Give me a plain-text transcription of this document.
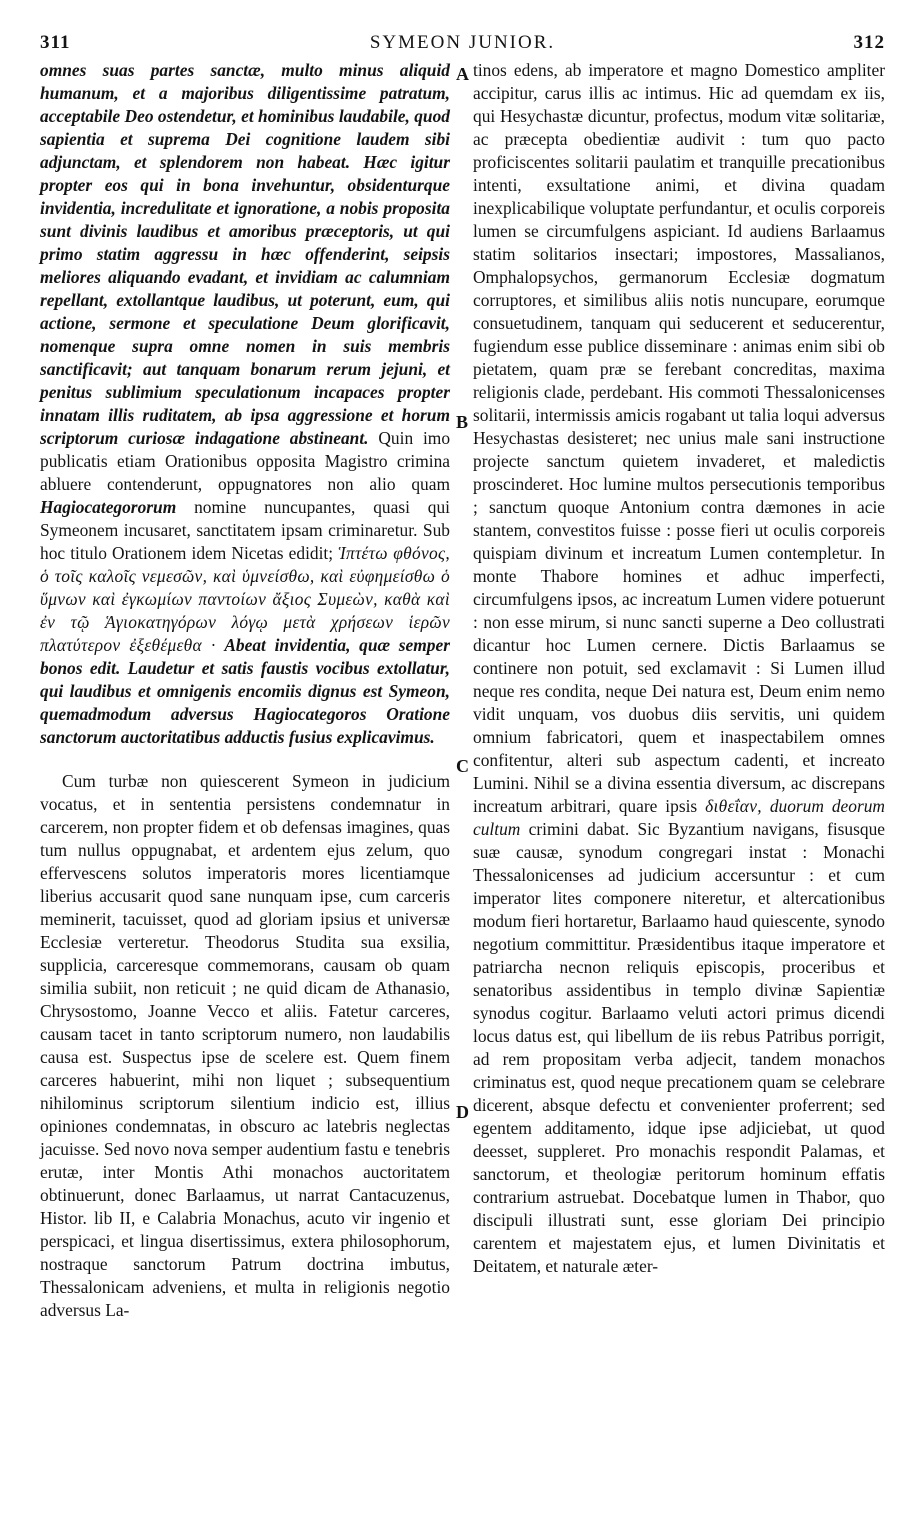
311	SYMEON JUNIOR.	312
A
B
C
D

omnes suas partes sanctæ, multo minus aliquid humanum, et a majoribus diligentissime patratum, acceptabile Deo ostendetur, et hominibus laudabile, quod sapientia et suprema Dei cognitione laudem sibi adjunctam, et splendorem non habeat. Hæc igitur propter eos qui in bona invehuntur, obsidenturque invidentia, incredulitate et ignoratione, a nobis proposita sunt divinis laudibus et amoribus præceptoris, ut qui primo statim aggressu in hæc offenderint, seipsis meliores aliquando evadant, et invidiam ac calumniam repellant, extollantque laudibus, ut poterunt, eum, qui actione, sermone et speculatione Deum glorificavit, nomenque supra omne nomen in suis membris sanctificavit; aut tanquam bonarum rerum jejuni, et penitus sublimium speculationum incapaces propter innatam illis ruditatem, ab ipsa aggressione et horum scriptorum curiosæ indagatione abstineant. Quin imo publicatis etiam Orationibus opposita Magistro crimina abluere contenderunt, oppugnatores non alio quam Hagiocategororum nomine nuncupantes, quasi qui Symeonem incusaret, sanctitatem ipsam criminaretur. Sub hoc titulo Orationem idem Nicetas edidit; Ἱπτέτω φθόνος, ὁ τοῖς καλοῖς νεμεσῶν, καὶ ὑμνείσθω, καὶ εὐφημείσθω ὁ ὕμνων καὶ ἐγκωμίων παντοίων ἄξιος Συμεὼν, καθὰ καὶ ἐν τῷ Ἁγιοκατηγόρων λόγῳ μετὰ χρήσεων ἱερῶν πλατύτερον ἐξεθέμεθα · Abeat invidentia, quæ semper bonos edit. Laudetur et satis faustis vocibus extollatur, qui laudibus et omnigenis encomiis dignus est Symeon, quemadmodum adversus Hagiocategoros Oratione sanctorum auctoritatibus adductis fusius explicavimus.

Cum turbæ non quiescerent Symeon in judicium vocatus, et in sententia persistens condemnatur in carcerem, non propter fidem et ob defensas imagines, quas tum nullus oppugnabat, et ardentem ejus zelum, quo effervescens solutos imperatoris mores licentiamque liberius accusarit quod sane nunquam ipse, cum carceris meminerit, tacuisset, quod ad gloriam ipsius et universæ Ecclesiæ verteretur. Theodorus Studita sua exsilia, supplicia, carceresque commemorans, causam ob quam similia subiit, non reticuit ; ne quid dicam de Athanasio, Chrysostomo, Joanne Vecco et aliis. Fatetur carceres, causam tacet in tanto scriptorum numero, non laudabilis causa est. Suspectus ipse de scelere est. Quem finem carceres habuerint, mihi non liquet ; subsequentium nihilominus scriptorum silentium indicio est, illius opiniones condemnatas, in obscuro ac latebris neglectas jacuisse. Sed novo nova semper audentium fastu e tenebris erutæ, inter Montis Athi monachos auctoritatem obtinuerunt, donec Barlaamus, ut narrat Cantacuzenus, Histor. lib II, e Calabria Monachus, acuto vir ingenio et perspicaci, et lingua disertissimus, extera philosophorum, nostraque sanctorum Patrum doctrina imbutus, Thessalonicam adveniens, et multa in religionis negotio adversus La-

tinos edens, ab imperatore et magno Domestico ampliter accipitur, carus illis ac intimus. Hic ad quemdam ex iis, qui Hesychastæ dicuntur, profectus, modum vitæ solitariæ, ac præcepta obedientiæ audivit : tum quo pacto proficiscentes solitarii paulatim et tranquille precationibus intenti, exsultatione animi, et divina quadam inexplicabilique voluptate perfundantur, et oculis corporeis lumen se circumfulgens aspiciant. Id audiens Barlaamus statim solitarios insectari; impostores, Massalianos, Omphalopsychos, germanorum Ecclesiæ dogmatum corruptores, et similibus aliis notis nuncupare, eorumque consuetudinem, tanquam qui seducerent et seducerentur, fugiendum esse publice disseminare : animas enim sibi ob pietatem, quam præ se ferebant concreditas, maxima religionis clade, perdebant. His commoti Thessalonicenses solitarii, intermissis amicis rogabant ut talia loqui adversus Hesychastas desisteret; nec unius male sani instructione projecte sanctum quietem invaderet, et maledictis proscinderet. Hoc lumine multos persecutionis temporibus ; sanctum quoque Antonium contra dæmones in acie stantem, convestitos fuisse : posse fieri ut oculis corporeis quispiam divinum et increatum Lumen contempletur. In monte Thabore homines et adhuc imperfecti, circumfulgens ipsos, ac increatum Lumen videre potuerunt : non esse mirum, si nunc sancti superne a Deo collustrati dicantur hoc Lumen cernere. Dictis Barlaamus se continere non potuit, sed exclamavit : Si Lumen illud neque res condita, neque Dei natura est, Deum enim nemo vidit unquam, vos duobus diis servitis, uni quidem omnium fabricatori, quem et inaspectabilem omnes confitentur, alteri sub aspectum cadenti, et increato Lumini. Nihil se a divina essentia diversum, ac discrepans increatum arbitrari, quare ipsis διθεΐαν, duorum deorum cultum crimini dabat. Sic Byzantium navigans, fisusque suæ causæ, synodum congregari instat : Monachi Thessalonicenses ad judicium accersuntur : et cum imperator lites componere niteretur, et altercationibus modum fieri hortaretur, Barlaamo haud quiescente, synodo negotium committitur. Præsidentibus itaque imperatore et patriarcha necnon reliquis episcopis, proceribus et senatoribus assidentibus in templo divinæ Sapientiæ synodus cogitur. Barlaamo veluti actori primus dicendi locus datus est, qui libellum de iis rebus Patribus porrigit, ad rem propositam verba adjecit, tandem monachos criminatus est, quod neque precationem quam se celebrare dicerent, absque defectu et convenienter proferrent; sed egentem additamento, idque ipse adjiciebat, ut quod deesset, suppleret. Pro monachis respondit Palamas, et sanctorum, et theologiæ peritorum hominum effatis contrarium astruebat. Docebatque lumen in Thabor, quo discipuli illustrati sunt, esse gloriam Dei principio carentem et majestatem ejus, et lumen Divinitatis et Deitatem, et naturale æter-
